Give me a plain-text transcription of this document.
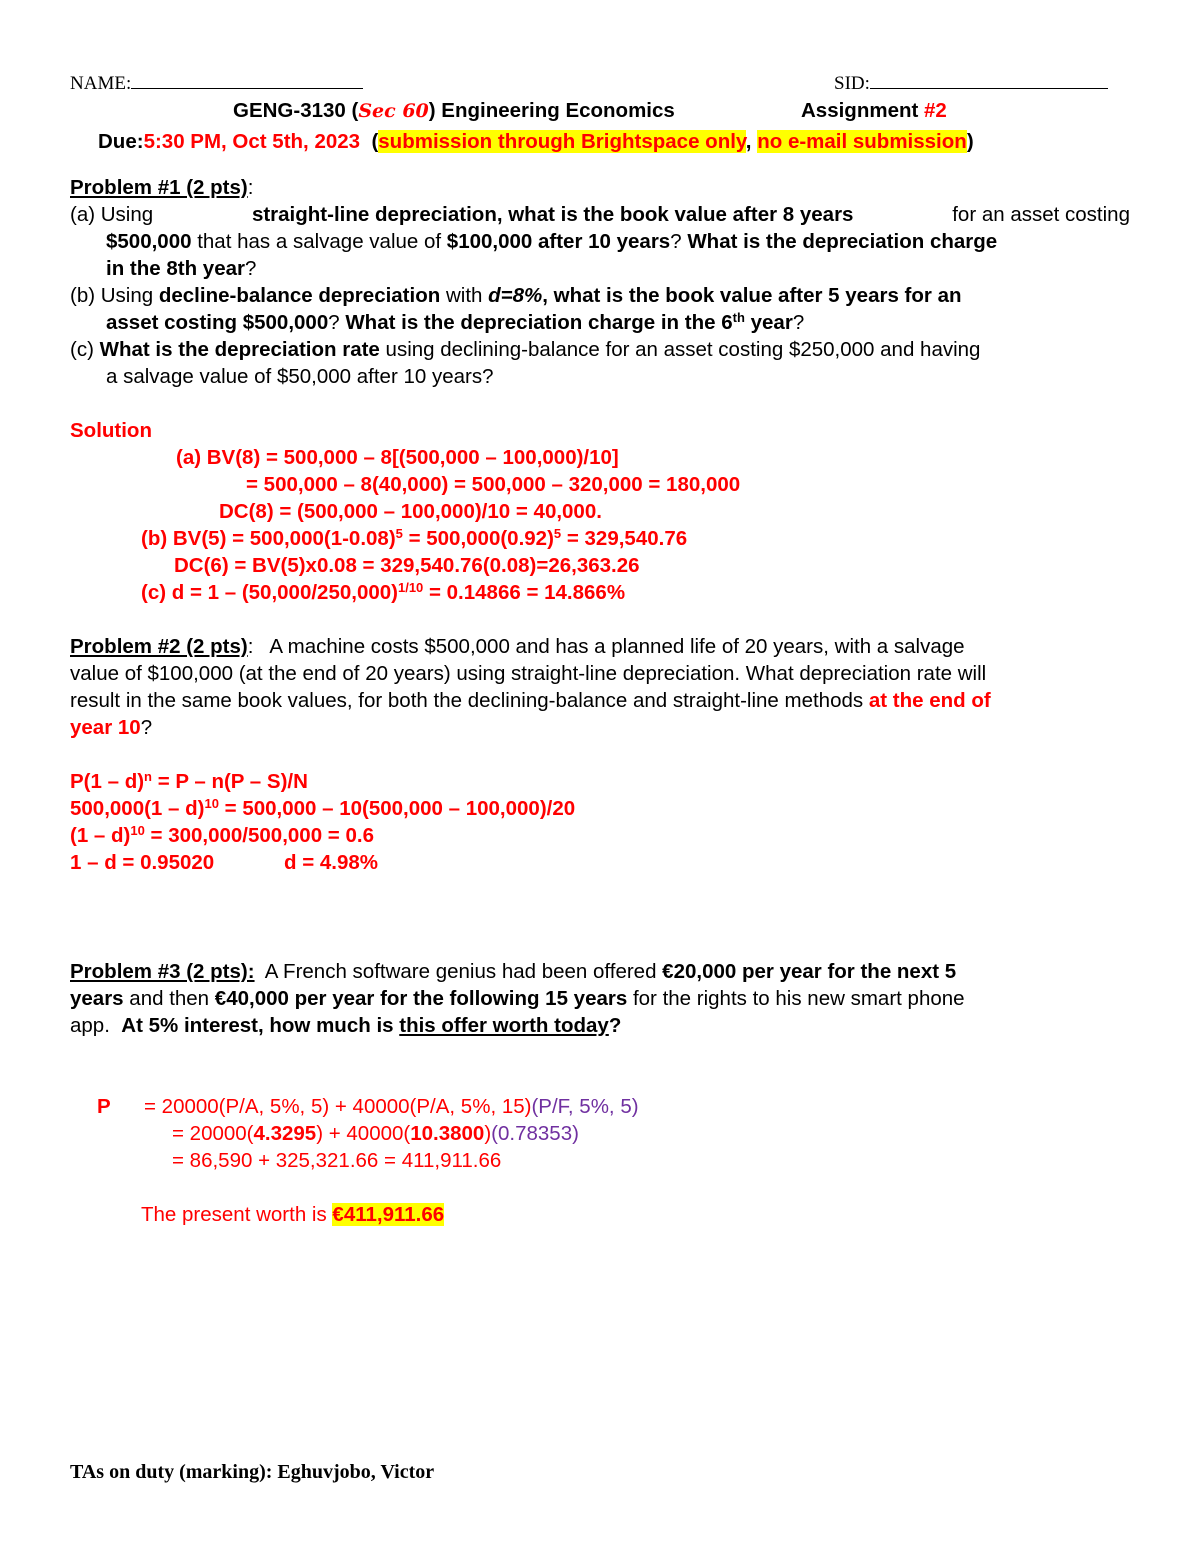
NAME:	SID:
GENG-3130 (Sec 60) Engineering Economics	Assignment #2
Due:5:30 PM, Oct 5th, 2023 (submission through Brightspace only, no e-mail submission)
Problem #1 (2 pts):
(a) Using	straight-line depreciation, what is the book value after 8 years	for an asset costing
$500,000 that has a salvage value of $100,000 after 10 years? What is the depreciation charge
in the 8th year?
(b) Using decline-balance depreciation with d=8%, what is the book value after 5 years for an
asset costing $500,000? What is the depreciation charge in the 6th year?
(c) What is the depreciation rate using declining-balance for an asset costing $250,000 and having
a salvage value of $50,000 after 10 years?
Solution
(a) BV(8) = 500,000 – 8[(500,000 – 100,000)/10]
= 500,000 – 8(40,000) = 500,000 – 320,000 = 180,000
DC(8) = (500,000 – 100,000)/10 = 40,000.
(b) $BV(5) = 500,000(1-0.08)^5 = 500,000(0.92)^5 = 329,540.76$
DC(6) = BV(5)x0.08 = 329,540.76(0.08)=26,363.26
(c) $d = 1 - (50,000/250,000)^{1/10} = 0.14866 = 14.866\%$
Problem #2 (2 pts):   A machine costs $500,000 and has a planned life of 20 years, with a salvage
value of $100,000 (at the end of 20 years) using straight-line depreciation. What depreciation rate will
result in the same book values, for both the declining-balance and straight-line methods at the end of
year 10?
P(1 – d)$^n$ = P – n(P – S)/N
500,000(1 – d)$^{10}$ = 500,000 – 10(500,000 – 100,000)/20
(1 – d)$^{10}$ = 300,000/500,000 = 0.6
1 – d = 0.95020	d = 4.98%
Problem #3 (2 pts):  A French software genius had been offered €20,000 per year for the next 5
years and then €40,000 per year for the following 15 years for the rights to his new smart phone
app.  At 5% interest, how much is this offer worth today?
P = 20000(P/A, 5%, 5) + 40000(P/A, 5%, 15)(P/F, 5%, 5)
= 20000(4.3295) + 40000(10.3800)(0.78353)
= 86,590 + 325,321.66 = 411,911.66
The present worth is €411,911.66
TAs on duty (marking): Eghuvjobo, Victor
